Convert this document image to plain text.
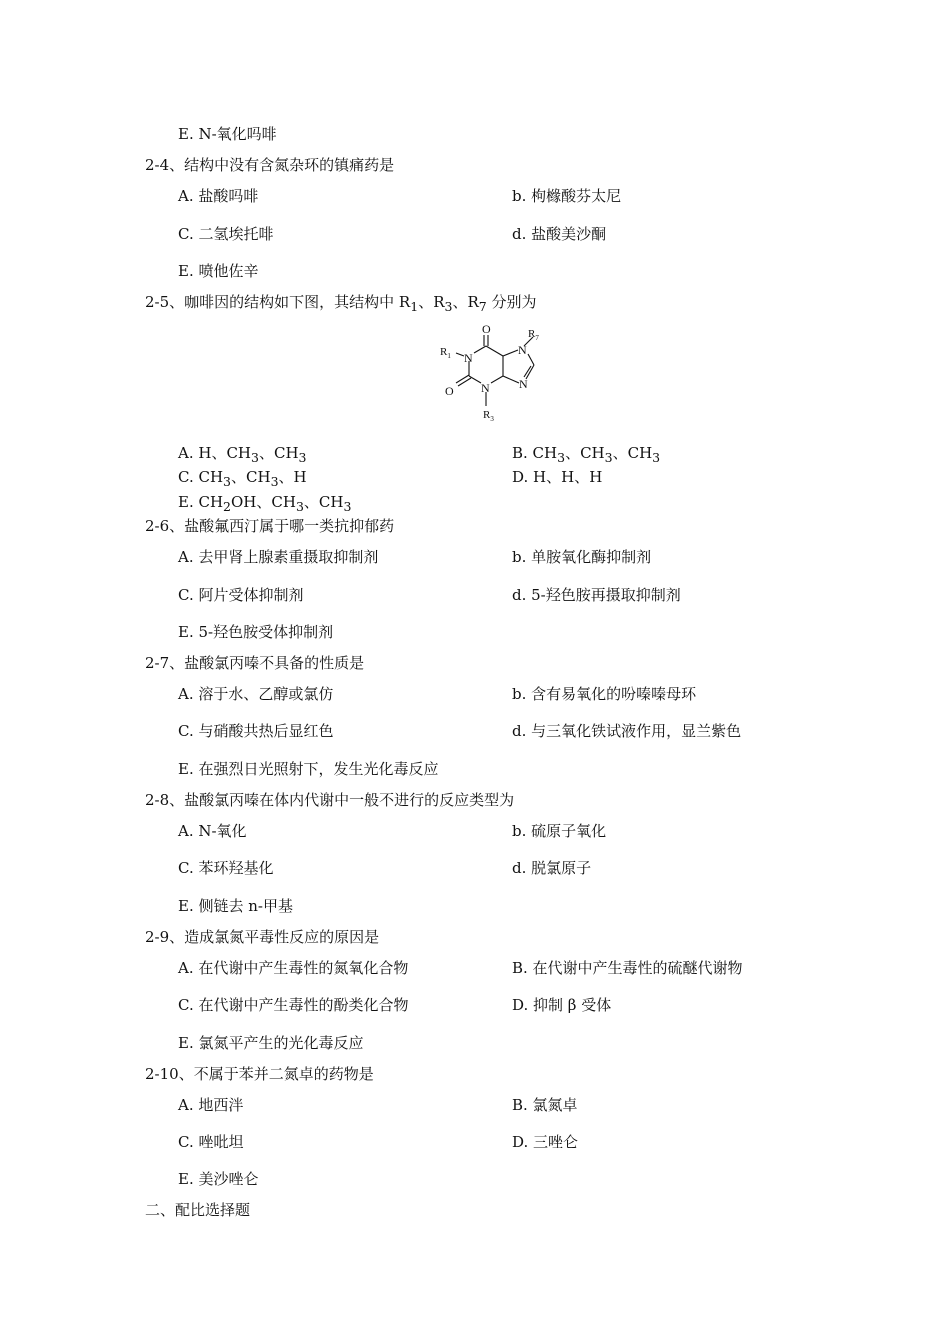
E. N-氧化吗啡
2-4、结构中没有含氮杂环的镇痛药是
A. 盐酸吗啡	b. 枸橼酸芬太尼
C. 二氢埃托啡	d. 盐酸美沙酮
E. 喷他佐辛
2-5、咖啡因的结构如下图，其结构中 $R_1$、$R_3$、$R_7$ 分别为
O
O
N
N
N
N
$R_1$
$R_3$
$R_7$
A. H、$CH_3$、$CH_3$	B. $CH_3$、$CH_3$、$CH_3$
C. $CH_3$、$CH_3$、H	D. H、H、H
E. $CH_2OH$、$CH_3$、$CH_3$
2-6、盐酸氟西汀属于哪一类抗抑郁药
A. 去甲肾上腺素重摄取抑制剂	b. 单胺氧化酶抑制剂
C. 阿片受体抑制剂	d. 5-羟色胺再摄取抑制剂
E. 5-羟色胺受体抑制剂
2-7、盐酸氯丙嗪不具备的性质是
A. 溶于水、乙醇或氯仿	b. 含有易氧化的吩嗪嗪母环
C. 与硝酸共热后显红色	d. 与三氧化铁试液作用，显兰紫色
E. 在强烈日光照射下，发生光化毒反应
2-8、盐酸氯丙嗪在体内代谢中一般不进行的反应类型为
A. N-氧化	b. 硫原子氧化
C. 苯环羟基化	d. 脱氯原子
E. 侧链去 n-甲基
2-9、造成氯氮平毒性反应的原因是
A. 在代谢中产生毒性的氮氧化合物	B. 在代谢中产生毒性的硫醚代谢物
C. 在代谢中产生毒性的酚类化合物	D. 抑制 β 受体
E. 氯氮平产生的光化毒反应
2-10、不属于苯并二氮卓的药物是
A. 地西泮	B. 氯氮卓
C. 唑吡坦	D. 三唑仑
E. 美沙唑仑
二、配比选择题
